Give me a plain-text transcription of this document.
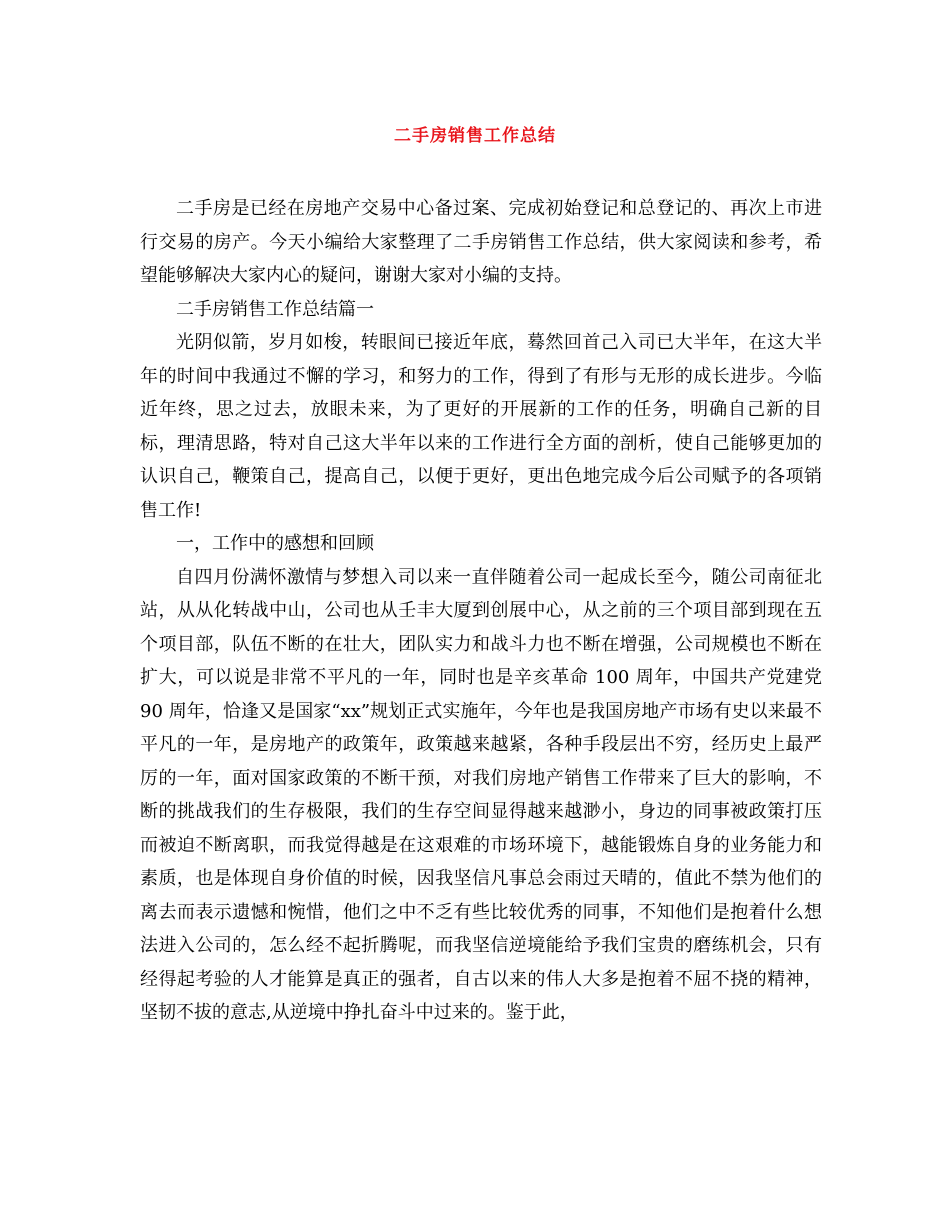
二手房销售工作总结

二手房是已经在房地产交易中心备过案、完成初始登记和总登记的、再次上市进行交易的房产。今天小编给大家整理了二手房销售工作总结，供大家阅读和参考，希望能够解决大家内心的疑问，谢谢大家对小编的支持。

二手房销售工作总结篇一

光阴似箭，岁月如梭，转眼间已接近年底，蓦然回首己入司已大半年，在这大半年的时间中我通过不懈的学习，和努力的工作，得到了有形与无形的成长进步。今临近年终，思之过去，放眼未来，为了更好的开展新的工作的任务，明确自己新的目标，理清思路，特对自己这大半年以来的工作进行全方面的剖析，使自己能够更加的认识自己，鞭策自己，提高自己，以便于更好，更出色地完成今后公司赋予的各项销售工作!

一，工作中的感想和回顾

自四月份满怀激情与梦想入司以来一直伴随着公司一起成长至今，随公司南征北站，从从化转战中山，公司也从壬丰大厦到创展中心，从之前的三个项目部到现在五个项目部，队伍不断的在壮大，团队实力和战斗力也不断在增强，公司规模也不断在扩大，可以说是非常不平凡的一年，同时也是辛亥革命 100 周年，中国共产党建党 90 周年，恰逢又是国家“xx”规划正式实施年，今年也是我国房地产市场有史以来最不平凡的一年，是房地产的政策年，政策越来越紧，各种手段层出不穷，经历史上最严厉的一年，面对国家政策的不断干预，对我们房地产销售工作带来了巨大的影响，不断的挑战我们的生存极限，我们的生存空间显得越来越渺小，身边的同事被政策打压而被迫不断离职，而我觉得越是在这艰难的市场环境下，越能锻炼自身的业务能力和素质，也是体现自身价值的时候，因我坚信凡事总会雨过天晴的，值此不禁为他们的离去而表示遗憾和惋惜，他们之中不乏有些比较优秀的同事，不知他们是抱着什么想法进入公司的，怎么经不起折腾呢，而我坚信逆境能给予我们宝贵的磨练机会，只有经得起考验的人才能算是真正的强者，自古以来的伟人大多是抱着不屈不挠的精神，坚韧不拔的意志,从逆境中挣扎奋斗中过来的。鉴于此，
